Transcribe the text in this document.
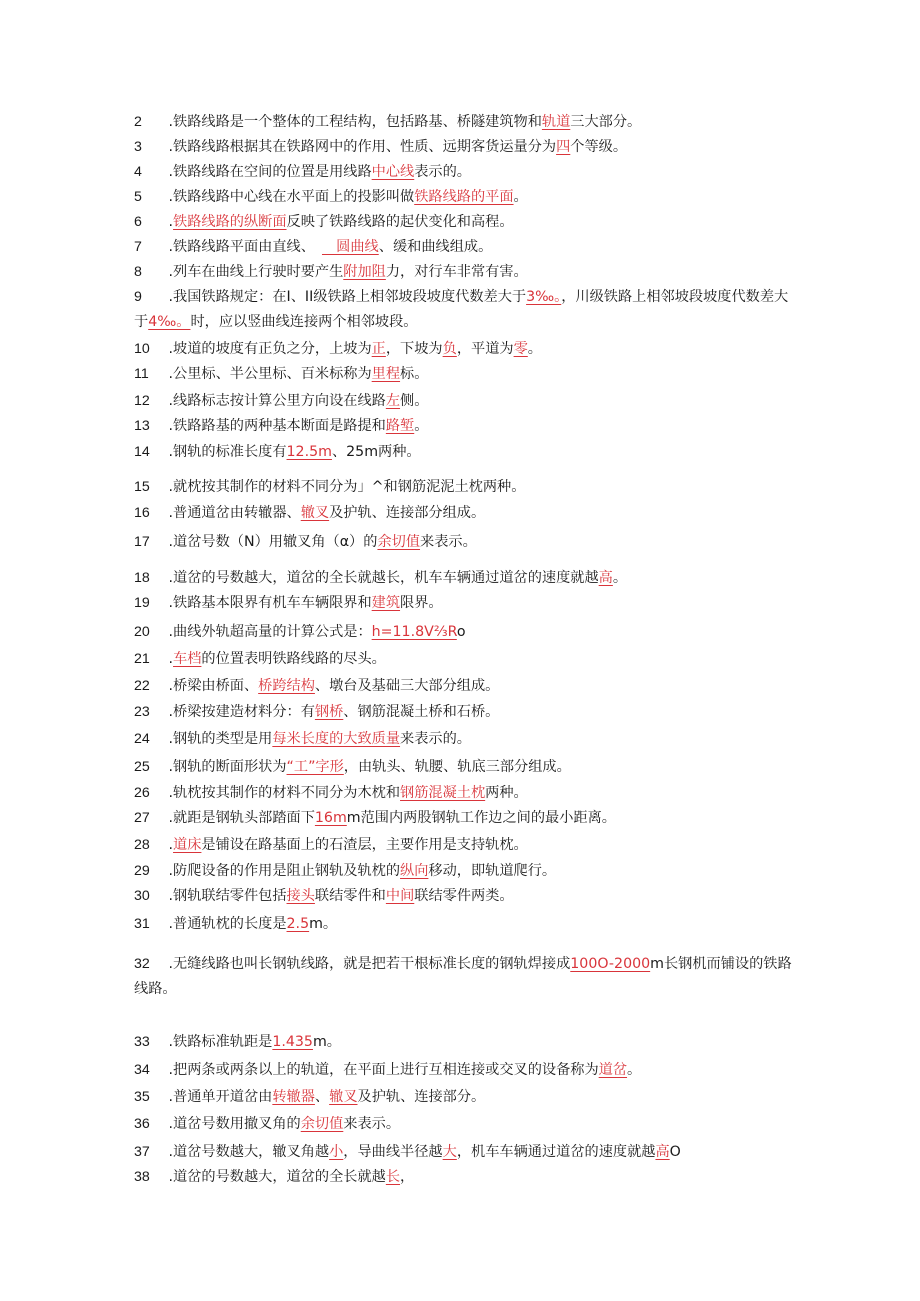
2 .铁路线路是一个整体的工程结构，包括路基、桥隧建筑物和轨道三大部分。
3 .铁路线路根据其在铁路网中的作用、性质、远期客货运量分为四个等级。
4 .铁路线路在空间的位置是用线路中心线表示的。
5 .铁路线路中心线在水平面上的投影叫做铁路线路的平面。
6 .铁路线路的纵断面反映了铁路线路的起伏变化和高程。
7 .铁路线路平面由直线、　　圆曲线、缓和曲线组成。
8 .列车在曲线上行驶时要产生附加阻力，对行车非常有害。
9 .我国铁路规定：在I、II级铁路上相邻坡段坡度代数差大于3‰。，川级铁路上相邻坡段坡度代数差大于4‰。时，应以竖曲线连接两个相邻坡段。
10 .坡道的坡度有正负之分，上坡为正，下坡为负，平道为零。
11 .公里标、半公里标、百米标称为里程标。
12 .线路标志按计算公里方向设在线路左侧。
13 .铁路路基的两种基本断面是路提和路堑。
14 .钢轨的标准长度有12.5m、25m两种。
15 .就枕按其制作的材料不同分为」^和钢筋泥泥土枕两种。
16 .普通道岔由转辙器、辙叉及护轨、连接部分组成。
17 .道岔号数（N）用辙叉角（α）的余切值来表示。
18 .道岔的号数越大，道岔的全长就越长，机车车辆通过道岔的速度就越高。
19 .铁路基本限界有机车车辆限界和建筑限界。
20 .曲线外轨超高量的计算公式是：h=11.8V⅔Ro
21 .车档的位置表明铁路线路的尽头。
22 .桥梁由桥面、桥跨结构、墩台及基础三大部分组成。
23 .桥梁按建造材料分：有钢桥、钢筋混凝土桥和石桥。
24 .钢轨的类型是用每米长度的大致质量来表示的。
25 .钢轨的断面形状为“工”字形，由轨头、轨腰、轨底三部分组成。
26 .轨枕按其制作的材料不同分为木枕和钢筋混凝土枕两种。
27 .就距是钢轨头部踏面下16mm范围内两股钢轨工作边之间的最小距离。
28 .道床是铺设在路基面上的石渣层，主要作用是支持轨枕。
29 .防爬设备的作用是阻止钢轨及轨枕的纵向移动，即轨道爬行。
30 .钢轨联结零件包括接头联结零件和中间联结零件两类。
31 .普通轨枕的长度是2.5m。
32 .无缝线路也叫长钢轨线路，就是把若干根标准长度的钢轨焊接成100O-2000m长钢机而铺设的铁路线路。
33 .铁路标准轨距是1.435m。
34 .把两条或两条以上的轨道，在平面上进行互相连接或交叉的设备称为道岔。
35 .普通单开道岔由转辙器、辙叉及护轨、连接部分。
36 .道岔号数用撤叉角的余切值来表示。
37 .道岔号数越大，辙叉角越小，导曲线半径越大，机车车辆通过道岔的速度就越高O
38 .道岔的号数越大，道岔的全长就越长，
